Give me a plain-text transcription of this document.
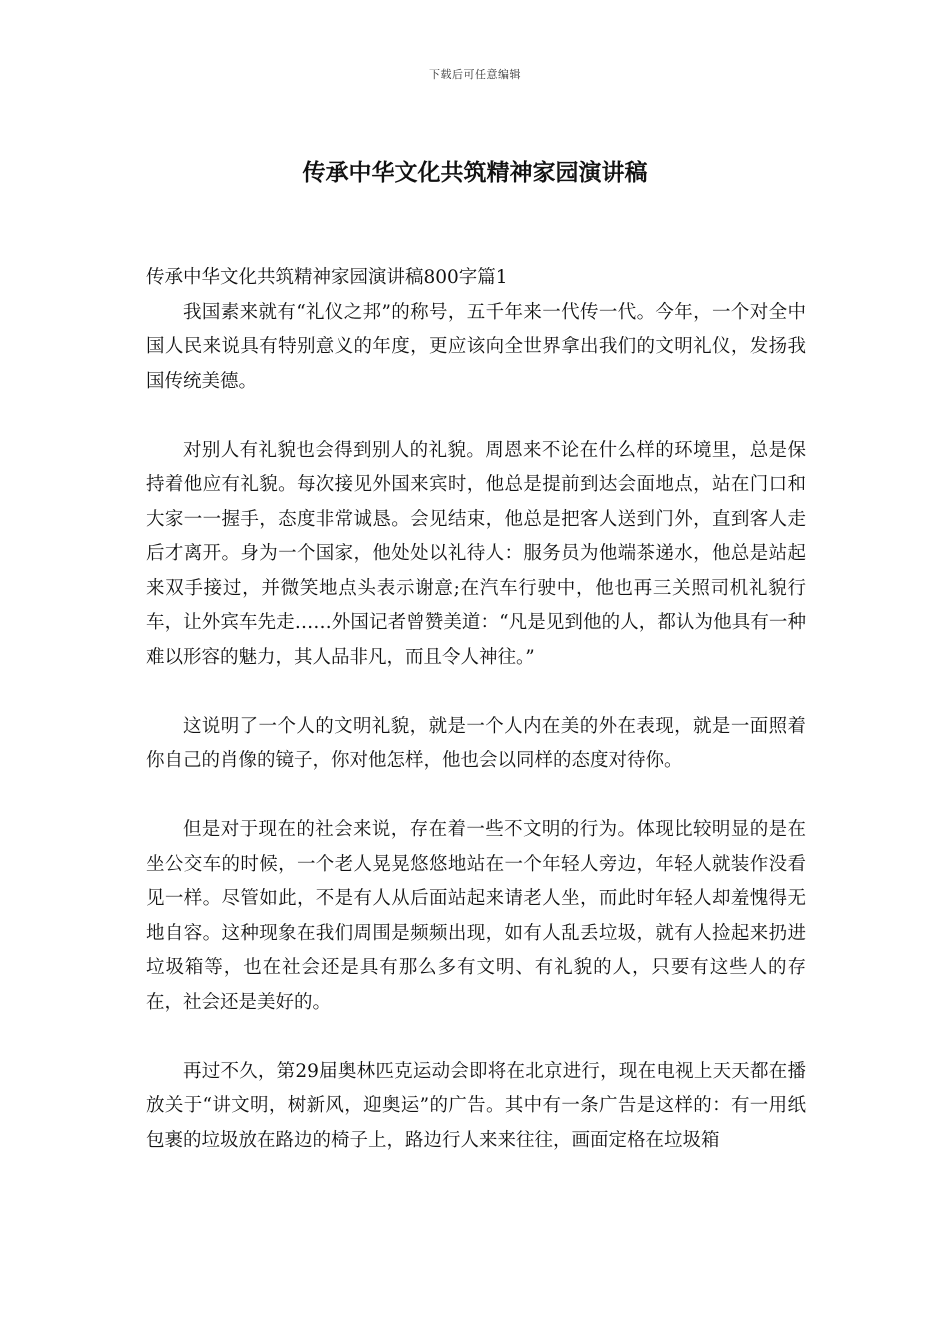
下载后可任意编辑
传承中华文化共筑精神家园演讲稿

传承中华文化共筑精神家园演讲稿800字篇1

我国素来就有“礼仪之邦”的称号，五千年来一代传一代。今年，一个对全中国人民来说具有特别意义的年度，更应该向全世界拿出我们的文明礼仪，发扬我国传统美德。

对别人有礼貌也会得到别人的礼貌。周恩来不论在什么样的环境里，总是保持着他应有礼貌。每次接见外国来宾时，他总是提前到达会面地点，站在门口和大家一一握手，态度非常诚恳。会见结束，他总是把客人送到门外，直到客人走后才离开。身为一个国家，他处处以礼待人：服务员为他端茶递水，他总是站起来双手接过，并微笑地点头表示谢意;在汽车行驶中，他也再三关照司机礼貌行车，让外宾车先走……外国记者曾赞美道：“凡是见到他的人，都认为他具有一种难以形容的魅力，其人品非凡，而且令人神往。”

这说明了一个人的文明礼貌，就是一个人内在美的外在表现，就是一面照着你自己的肖像的镜子，你对他怎样，他也会以同样的态度对待你。

但是对于现在的社会来说，存在着一些不文明的行为。体现比较明显的是在坐公交车的时候，一个老人晃晃悠悠地站在一个年轻人旁边，年轻人就装作没看见一样。尽管如此，不是有人从后面站起来请老人坐，而此时年轻人却羞愧得无地自容。这种现象在我们周围是频频出现，如有人乱丢垃圾，就有人捡起来扔进垃圾箱等，也在社会还是具有那么多有文明、有礼貌的人，只要有这些人的存在，社会还是美好的。

再过不久，第29届奥林匹克运动会即将在北京进行，现在电视上天天都在播放关于“讲文明，树新风，迎奥运”的广告。其中有一条广告是这样的：有一用纸包裹的垃圾放在路边的椅子上，路边行人来来往往，画面定格在垃圾箱
